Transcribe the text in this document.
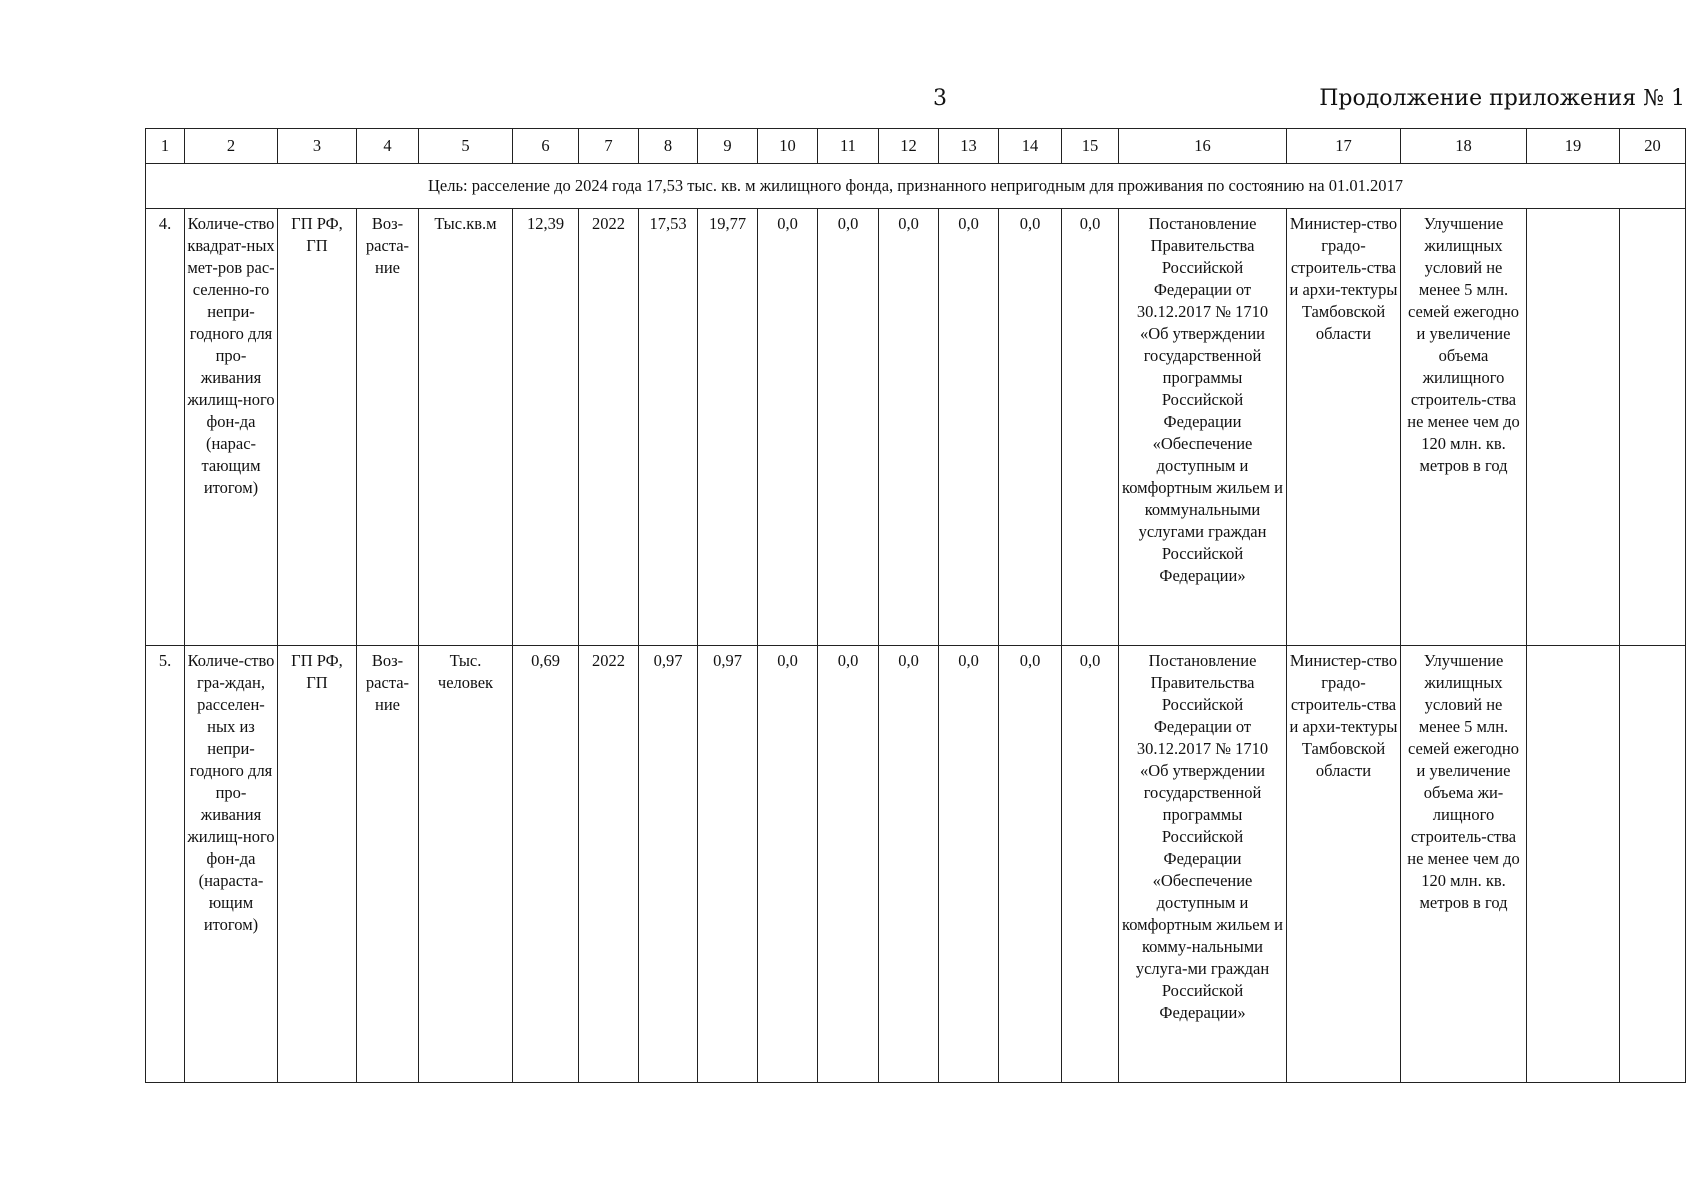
3	Продолжение приложения № 1
1	2	3	4	5	6	7	8	9	10	11	12	13	14	15	16	17	18	19	20
Цель: расселение до 2024 года 17,53 тыс. кв. м жилищного фонда, признанного непригодным для проживания по состоянию на 01.01.2017																			
4.	Количе-ство квадрат-ных мет-ров рас-селенно-го непри-годного для про-живания жилищ-ного фон-да (нарас-тающим итогом)	ГП РФ, ГП	Воз-раста-ние	Тыс.кв.м	12,39	2022	17,53	19,77	0,0	0,0	0,0	0,0	0,0	0,0	Постановление Правительства Российской Федерации от 30.12.2017 № 1710 «Об утверждении государственной программы Российской Федерации «Обеспечение доступным и комфортным жильем и коммунальными услугами граждан Российской Федерации»	Министер-ство градо-строитель-ства и архи-тектуры Тамбовской области	Улучшение жилищных условий не менее 5 млн. семей ежегодно и увеличение объема жилищного строитель-ства не менее чем до 120 млн. кв. метров в год		
5.	Количе-ство гра-ждан, расселен-ных из непри-годного для про-живания жилищ-ного фон-да (нараста-ющим итогом)	ГП РФ, ГП	Воз-раста-ние	Тыс. человек	0,69	2022	0,97	0,97	0,0	0,0	0,0	0,0	0,0	0,0	Постановление Правительства Российской Федерации от 30.12.2017 № 1710 «Об утверждении государственной программы Российской Федерации «Обеспечение доступным и комфортным жильем и комму-нальными услуга-ми граждан Российской Федерации»	Министер-ство градо-строитель-ства и архи-тектуры Тамбовской области	Улучшение жилищных условий не менее 5 млн. семей ежегодно и увеличение объема жи-лищного строитель-ства не менее чем до 120 млн. кв. метров в год		
